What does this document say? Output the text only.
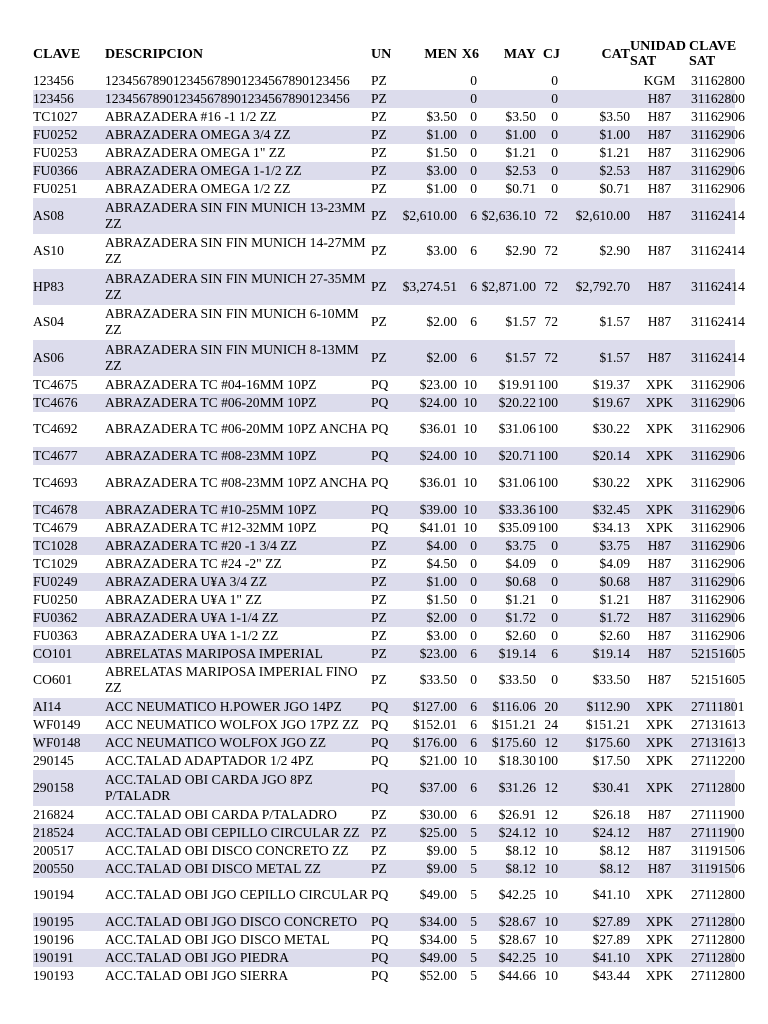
CLAVE	DESCRIPCION	UN	MEN	X6	MAY	CJ	CAT	UNIDAD SAT	CLAVE SAT
123456	12345678901234567890123456789012345​6	PZ		0		0		KGM	31162800
123456	12345678901234567890123456789012345​6	PZ		0		0		H87	31162800
TC1027	ABRAZADERA #16 -1 1/2 ZZ	PZ	$3.50	0	$3.50	0	$3.50	H87	31162906
FU0252	ABRAZADERA OMEGA 3/4 ZZ	PZ	$1.00	0	$1.00	0	$1.00	H87	31162906
FU0253	ABRAZADERA OMEGA 1" ZZ	PZ	$1.50	0	$1.21	0	$1.21	H87	31162906
FU0366	ABRAZADERA OMEGA 1-1/2 ZZ	PZ	$3.00	0	$2.53	0	$2.53	H87	31162906
FU0251	ABRAZADERA OMEGA 1/2 ZZ	PZ	$1.00	0	$0.71	0	$0.71	H87	31162906
AS08	ABRAZADERA SIN FIN MUNICH 13-23MM ZZ	PZ	$2,610.00	6	$2,636.10	72	$2,610.00	H87	31162414
AS10	ABRAZADERA SIN FIN MUNICH 14-27MM ZZ	PZ	$3.00	6	$2.90	72	$2.90	H87	31162414
HP83	ABRAZADERA SIN FIN MUNICH 27-35MM ZZ	PZ	$3,274.51	6	$2,871.00	72	$2,792.70	H87	31162414
AS04	ABRAZADERA SIN FIN MUNICH 6-10MM ZZ	PZ	$2.00	6	$1.57	72	$1.57	H87	31162414
AS06	ABRAZADERA SIN FIN MUNICH 8-13MM ZZ	PZ	$2.00	6	$1.57	72	$1.57	H87	31162414
TC4675	ABRAZADERA TC #04-16MM 10PZ	PQ	$23.00	10	$19.91	100	$19.37	XPK	31162906
TC4676	ABRAZADERA TC #06-20MM 10PZ	PQ	$24.00	10	$20.22	100	$19.67	XPK	31162906
TC4692	ABRAZADERA TC #06-20MM 10PZ ANCHA	PQ	$36.01	10	$31.06	100	$30.22	XPK	31162906
TC4677	ABRAZADERA TC #08-23MM 10PZ	PQ	$24.00	10	$20.71	100	$20.14	XPK	31162906
TC4693	ABRAZADERA TC #08-23MM 10PZ ANCHA	PQ	$36.01	10	$31.06	100	$30.22	XPK	31162906
TC4678	ABRAZADERA TC #10-25MM 10PZ	PQ	$39.00	10	$33.36	100	$32.45	XPK	31162906
TC4679	ABRAZADERA TC #12-32MM 10PZ	PQ	$41.01	10	$35.09	100	$34.13	XPK	31162906
TC1028	ABRAZADERA TC #20 -1 3/4 ZZ	PZ	$4.00	0	$3.75	0	$3.75	H87	31162906
TC1029	ABRAZADERA TC #24 -2" ZZ	PZ	$4.50	0	$4.09	0	$4.09	H87	31162906
FU0249	ABRAZADERA U¥A 3/4 ZZ	PZ	$1.00	0	$0.68	0	$0.68	H87	31162906
FU0250	ABRAZADERA U¥A 1" ZZ	PZ	$1.50	0	$1.21	0	$1.21	H87	31162906
FU0362	ABRAZADERA U¥A 1-1/4 ZZ	PZ	$2.00	0	$1.72	0	$1.72	H87	31162906
FU0363	ABRAZADERA U¥A 1-1/2 ZZ	PZ	$3.00	0	$2.60	0	$2.60	H87	31162906
CO101	ABRELATAS MARIPOSA IMPERIAL	PZ	$23.00	6	$19.14	6	$19.14	H87	52151605
CO601	ABRELATAS MARIPOSA IMPERIAL FINO ZZ	PZ	$33.50	0	$33.50	0	$33.50	H87	52151605
AI14	ACC NEUMATICO H.POWER JGO 14PZ	PQ	$127.00	6	$116.06	20	$112.90	XPK	27111801
WF0149	ACC NEUMATICO WOLFOX JGO 17PZ ZZ	PQ	$152.01	6	$151.21	24	$151.21	XPK	27131613
WF0148	ACC NEUMATICO WOLFOX JGO ZZ	PQ	$176.00	6	$175.60	12	$175.60	XPK	27131613
290145	ACC.TALAD ADAPTADOR 1/2 4PZ	PQ	$21.00	10	$18.30	100	$17.50	XPK	27112200
290158	ACC.TALAD OBI CARDA JGO 8PZ P/TALADR	PQ	$37.00	6	$31.26	12	$30.41	XPK	27112800
216824	ACC.TALAD OBI CARDA P/TALADRO	PZ	$30.00	6	$26.91	12	$26.18	H87	27111900
218524	ACC.TALAD OBI CEPILLO CIRCULAR ZZ	PZ	$25.00	5	$24.12	10	$24.12	H87	27111900
200517	ACC.TALAD OBI DISCO CONCRETO ZZ	PZ	$9.00	5	$8.12	10	$8.12	H87	31191506
200550	ACC.TALAD OBI DISCO METAL ZZ	PZ	$9.00	5	$8.12	10	$8.12	H87	31191506
190194	ACC.TALAD OBI JGO CEPILLO CIRCULAR	PQ	$49.00	5	$42.25	10	$41.10	XPK	27112800
190195	ACC.TALAD OBI JGO DISCO CONCRETO	PQ	$34.00	5	$28.67	10	$27.89	XPK	27112800
190196	ACC.TALAD OBI JGO DISCO METAL	PQ	$34.00	5	$28.67	10	$27.89	XPK	27112800
190191	ACC.TALAD OBI JGO PIEDRA	PQ	$49.00	5	$42.25	10	$41.10	XPK	27112800
190193	ACC.TALAD OBI JGO SIERRA	PQ	$52.00	5	$44.66	10	$43.44	XPK	27112800
